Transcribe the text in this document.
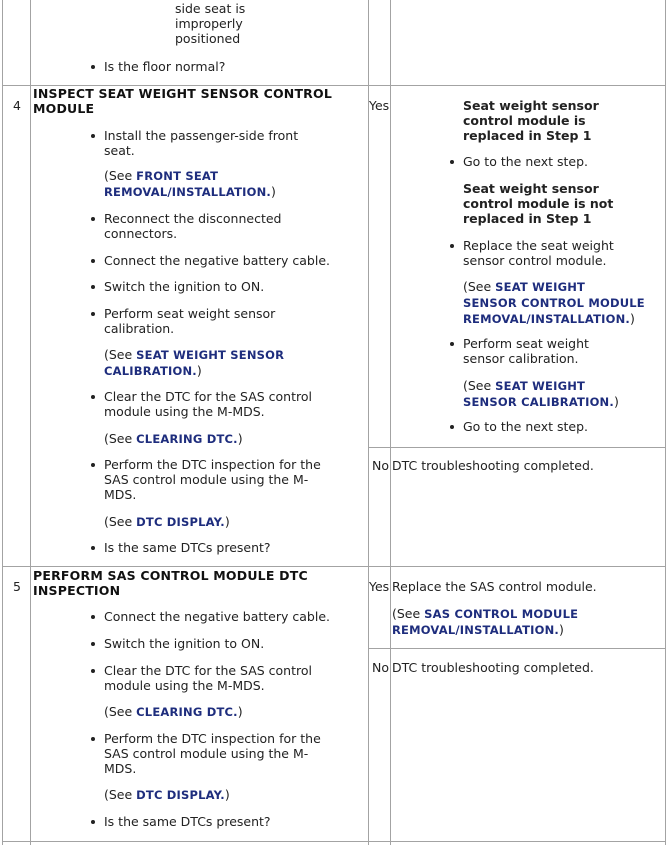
side seat is
improperly
positioned
Is the floor normal?
4
INSPECT SEAT WEIGHT SENSOR CONTROL
MODULE
Install the passenger-side front
seat.
(See FRONT SEAT
REMOVAL/INSTALLATION.)
Reconnect the disconnected
connectors.
Connect the negative battery cable.
Switch the ignition to ON.
Perform seat weight sensor
calibration.
(See SEAT WEIGHT SENSOR
CALIBRATION.)
Clear the DTC for the SAS control
module using the M-MDS.
(See CLEARING DTC.)
Perform the DTC inspection for the
SAS control module using the M-
MDS.
(See DTC DISPLAY.)
Is the same DTCs present?
Yes	Seat weight sensor
control module is
replaced in Step 1
Go to the next step.
Seat weight sensor
control module is not
replaced in Step 1
Replace the seat weight
sensor control module.
(See SEAT WEIGHT
SENSOR CONTROL MODULE
REMOVAL/INSTALLATION.)
Perform seat weight
sensor calibration.
(See SEAT WEIGHT
SENSOR CALIBRATION.)
Go to the next step.
No DTC troubleshooting completed.
5
PERFORM SAS CONTROL MODULE DTC
INSPECTION
Connect the negative battery cable.
Switch the ignition to ON.
Clear the DTC for the SAS control
module using the M-MDS.
(See CLEARING DTC.)
Perform the DTC inspection for the
SAS control module using the M-
MDS.
(See DTC DISPLAY.)
Is the same DTCs present?
Yes Replace the SAS control module.
(See SAS CONTROL MODULE
REMOVAL/INSTALLATION.)
No DTC troubleshooting completed.
